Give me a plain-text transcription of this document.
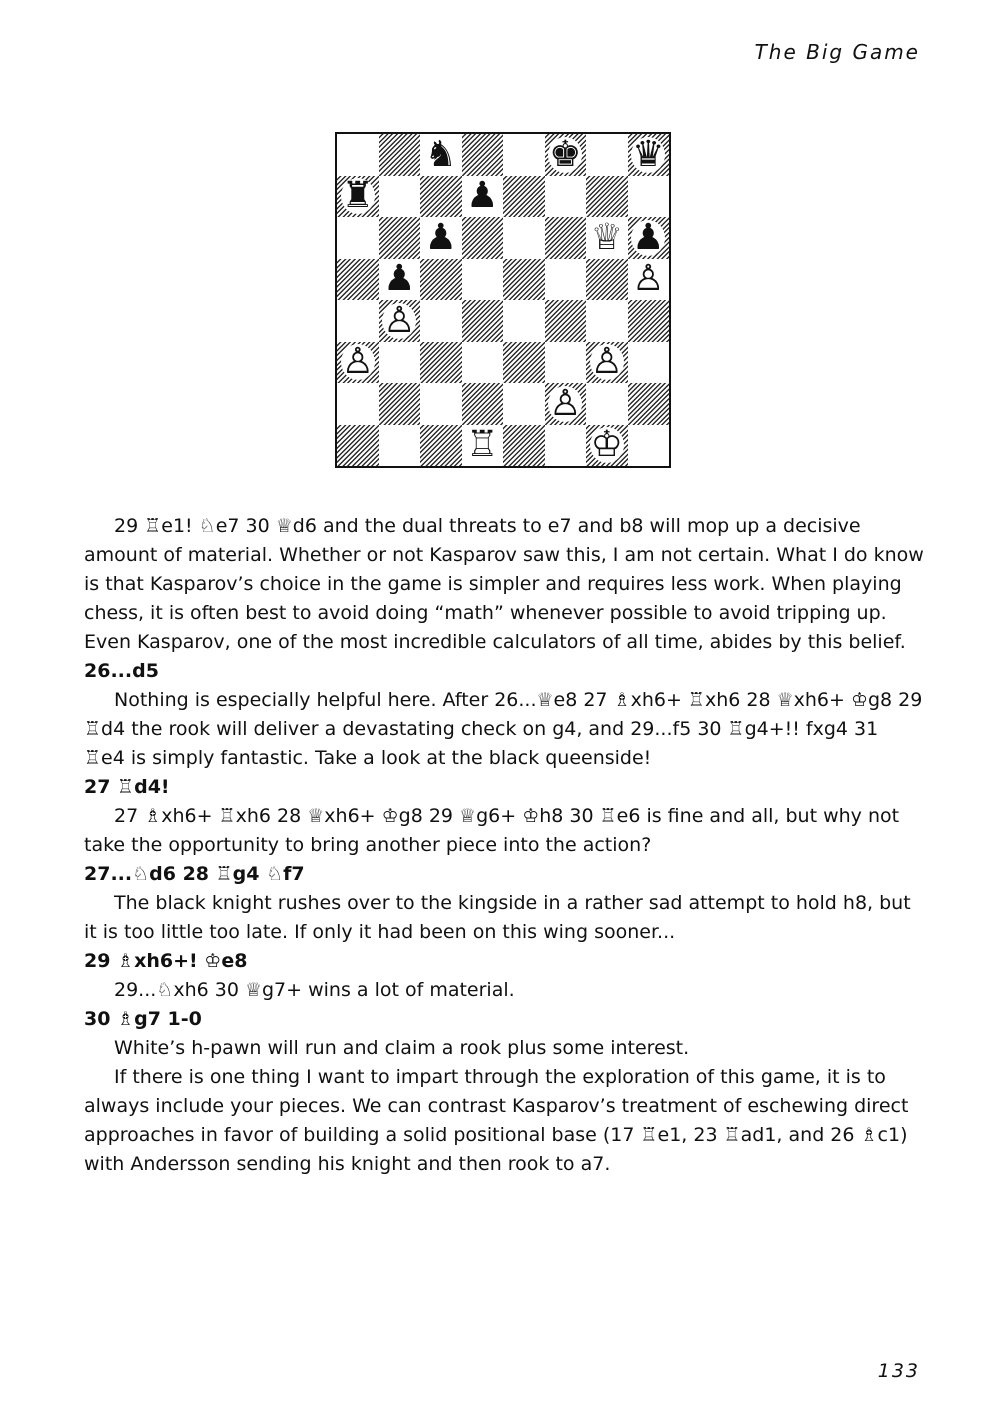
The Big Game
♞	♚ ♛
♜	♟
♟	♕ ♟
♟	♙
♙
♙	♙
♙
♖	♔

29 ♖e1! ♘e7 30 ♕d6 and the dual threats to e7 and b8 will mop up a decisive amount of material. Whether or not Kasparov saw this, I am not certain. What I do know is that Kasparov’s choice in the game is simpler and requires less work. When playing chess, it is often best to avoid doing “math” whenever possible to avoid tripping up. Even Kasparov, one of the most incredible calculators of all time, abides by this belief.

26...d5

Nothing is especially helpful here. After 26...♕e8 27 ♗xh6+ ♖xh6 28 ♕xh6+ ♔g8 29 ♖d4 the rook will deliver a devastating check on g4, and 29...f5 30 ♖g4+!! fxg4 31 ♖e4 is simply fantastic. Take a look at the black queenside!

27 ♖d4!

27 ♗xh6+ ♖xh6 28 ♕xh6+ ♔g8 29 ♕g6+ ♔h8 30 ♖e6 is fine and all, but why not take the opportunity to bring another piece into the action?

27...♘d6 28 ♖g4 ♘f7

The black knight rushes over to the kingside in a rather sad attempt to hold h8, but it is too little too late. If only it had been on this wing sooner...

29 ♗xh6+! ♔e8

29...♘xh6 30 ♕g7+ wins a lot of material.

30 ♗g7 1-0

White’s h-pawn will run and claim a rook plus some interest.

If there is one thing I want to impart through the exploration of this game, it is to always include your pieces. We can contrast Kasparov’s treatment of eschewing direct approaches in favor of building a solid positional base (17 ♖e1, 23 ♖ad1, and 26 ♗c1) with Andersson sending his knight and then rook to a7.

133
